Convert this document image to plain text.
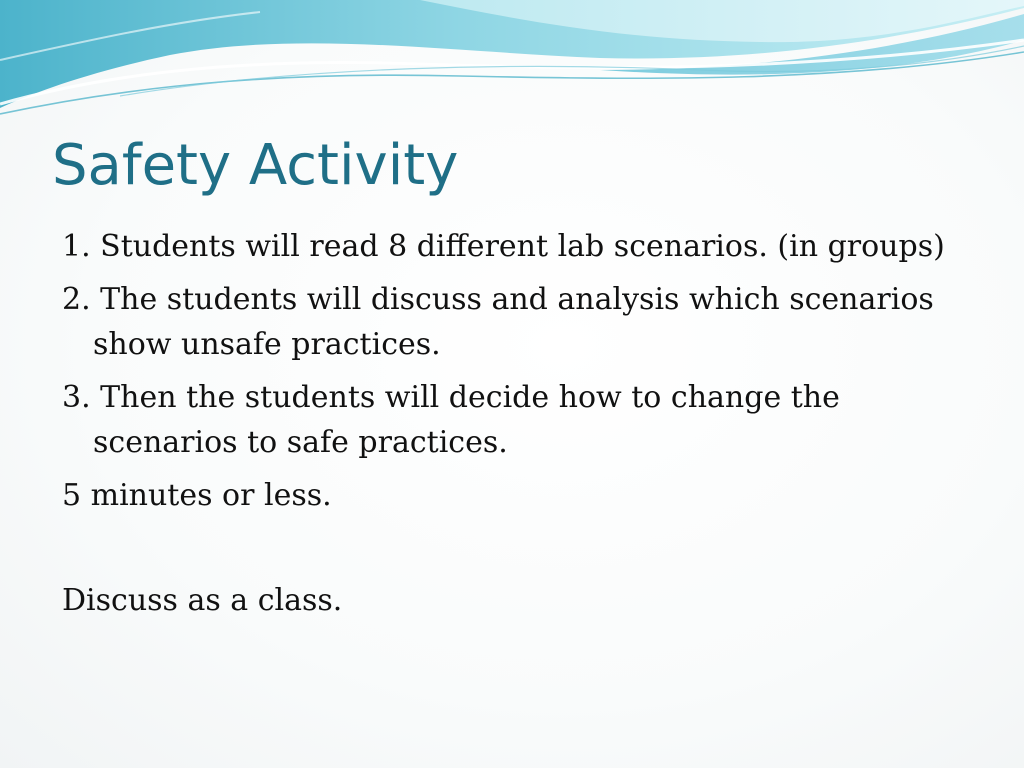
Safety Activity

1. Students will read 8 different lab scenarios. (in groups)

2. The students will discuss and analysis which scenarios show unsafe practices.

3. Then the students will decide how to change the scenarios to safe practices.

5 minutes or less.

Discuss as a class.
